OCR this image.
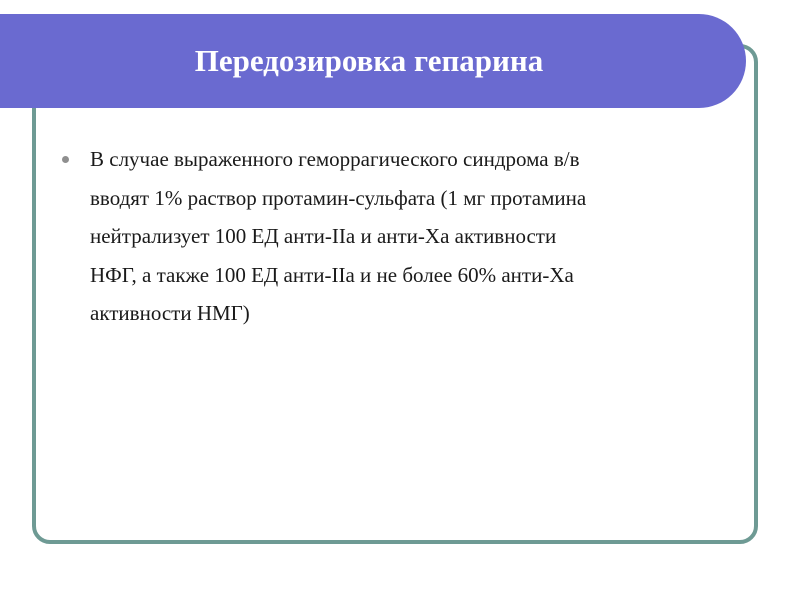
Передозировка гепарина
В случае выраженного геморрагического синдрома в/в
вводят 1% раствор протамин-сульфата (1 мг протамина
нейтрализует 100 ЕД анти-IIa и анти-Xa активности
НФГ, а также 100 ЕД анти-IIa и не более 60% анти-Xa
активности НМГ)
